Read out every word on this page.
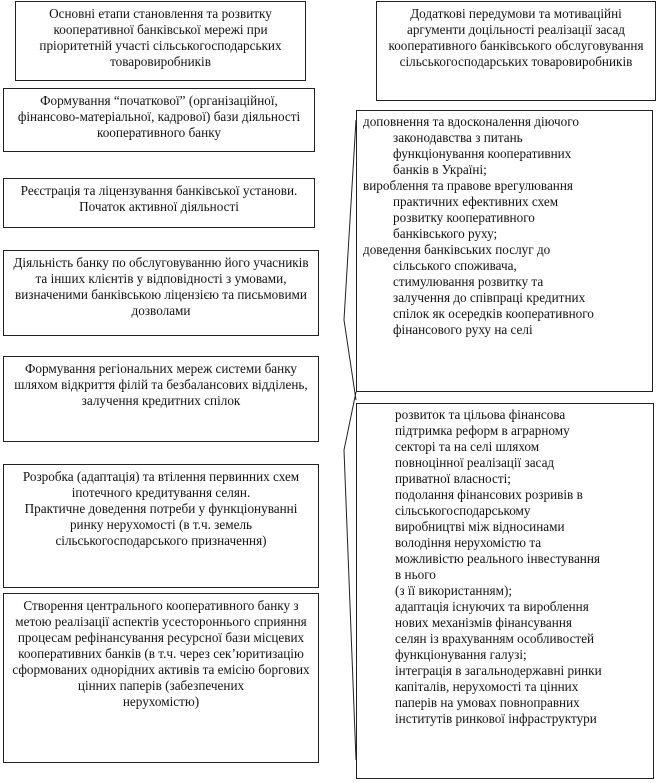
Основні етапи становлення та розвитку кооперативної банківської мережі при пріоритетній участі сільськогосподарських товаровиробників

Формування “початкової” (організаційної, фінансово-матеріальної, кадрової) бази діяльності кооперативного банку

Реєстрація та ліцензування банківської установи. Початок активної діяльності

Діяльність банку по обслуговуванню його учасників та інших клієнтів у відповідності з умовами, визначеними банківською ліцензією та письмовими дозволами

Формування регіональних мереж системи банку шляхом відкриття філій та безбалансових відділень, залучення кредитних спілок

Розробка (адаптація) та втілення первинних схем іпотечного кредитування селян.

Практичне доведення потреби у функціонуванні ринку нерухомості (в т.ч. земель сільськогосподарського призначення)

Створення центрального кооперативного банку з метою реалізації аспектів усестороннього сприяння процесам рефінансування ресурсної бази місцевих кооперативних банків (в т.ч. через сек’юритизацію сформованих однорідних активів та емісію боргових цінних паперів (забезпечених

нерухомістю)

Додаткові передумови та мотиваційні аргументи доцільності реалізації засад кооперативного банківського обслуговування сільськогосподарських товаровиробників

доповнення та вдосконалення діючого

законодавства з питань

функціонування кооперативних

банків в Україні;

вироблення та правове врегулювання

практичних ефективних схем

розвитку кооперативного

банківського руху;

доведення банківських послуг до

сільського споживача,

стимулювання розвитку та

залучення до співпраці кредитних

спілок як осередків кооперативного

фінансового руху на селі

розвиток та цільова фінансова

підтримка реформ в аграрному

секторі та на селі шляхом

повноцінної реалізації засад

приватної власності;

подолання фінансових розривів в

сільськогосподарському

виробництві між відносинами

володіння нерухомістю та

можливістю реального інвестування

в нього

(з її використанням);

адаптація існуючих та вироблення

нових механізмів фінансування

селян із врахуванням особливостей

функціонування галузі;

інтеграція в загальнодержавні ринки

капіталів, нерухомості та цінних

паперів на умовах повноправних

інститутів ринкової інфраструктури
